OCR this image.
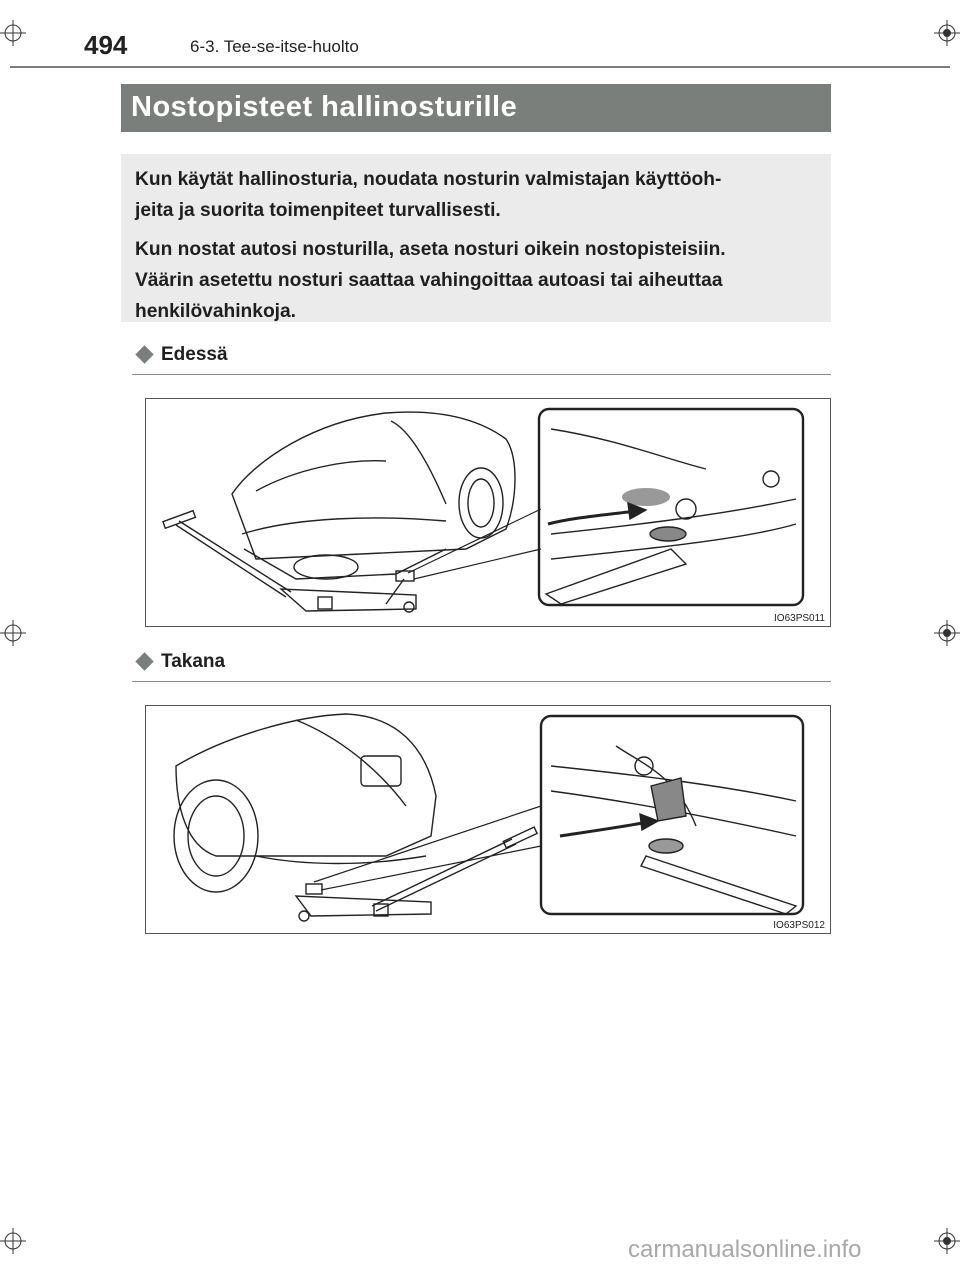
494	6-3. Tee-se-itse-huolto
Nostopisteet hallinosturille

Kun käytät hallinosturia, noudata nosturin valmistajan käyttöoh-
jeita ja suorita toimenpiteet turvallisesti.

Kun nostat autosi nosturilla, aseta nosturi oikein nostopisteisiin.
Väärin asetettu nosturi saattaa vahingoittaa autoasi tai aiheuttaa
henkilövahinkoja.

Edessä
IO63PS011
Takana
IO63PS012
carmanualsonline.info
